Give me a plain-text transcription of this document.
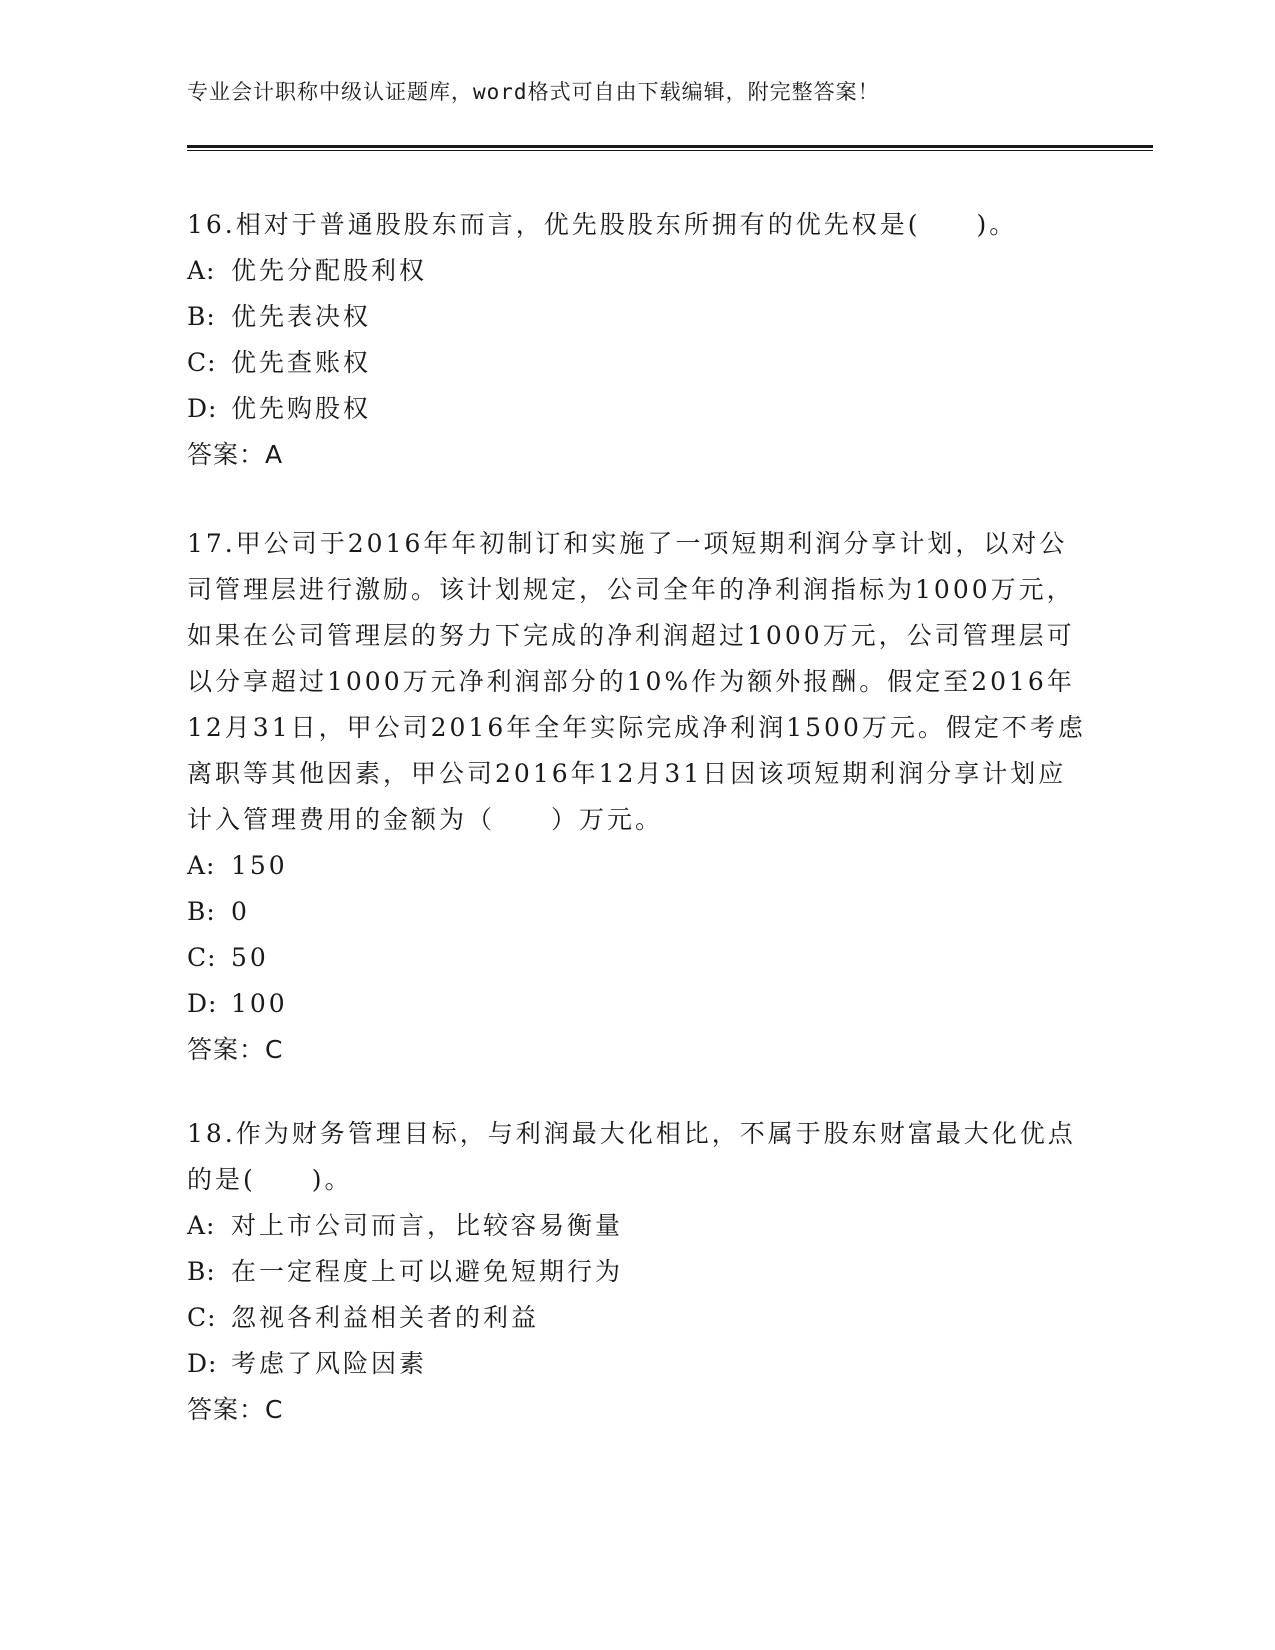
专业会计职称中级认证题库，word格式可自由下载编辑，附完整答案！

16.相对于普通股股东而言，优先股股东所拥有的优先权是(　　)。

A: 优先分配股利权

B: 优先表决权

C: 优先查账权

D: 优先购股权

答案：A

17.甲公司于2016年年初制订和实施了一项短期利润分享计划，以对公司管理层进行激励。该计划规定，公司全年的净利润指标为1000万元，如果在公司管理层的努力下完成的净利润超过1000万元，公司管理层可以分享超过1000万元净利润部分的10%作为额外报酬。假定至2016年12月31日，甲公司2016年全年实际完成净利润1500万元。假定不考虑离职等其他因素，甲公司2016年12月31日因该项短期利润分享计划应计入管理费用的金额为（　　）万元。

A: 150

B: 0

C: 50

D: 100

答案：C

18.作为财务管理目标，与利润最大化相比，不属于股东财富最大化优点的是(　　)。

A: 对上市公司而言，比较容易衡量

B: 在一定程度上可以避免短期行为

C: 忽视各利益相关者的利益

D: 考虑了风险因素

答案：C
